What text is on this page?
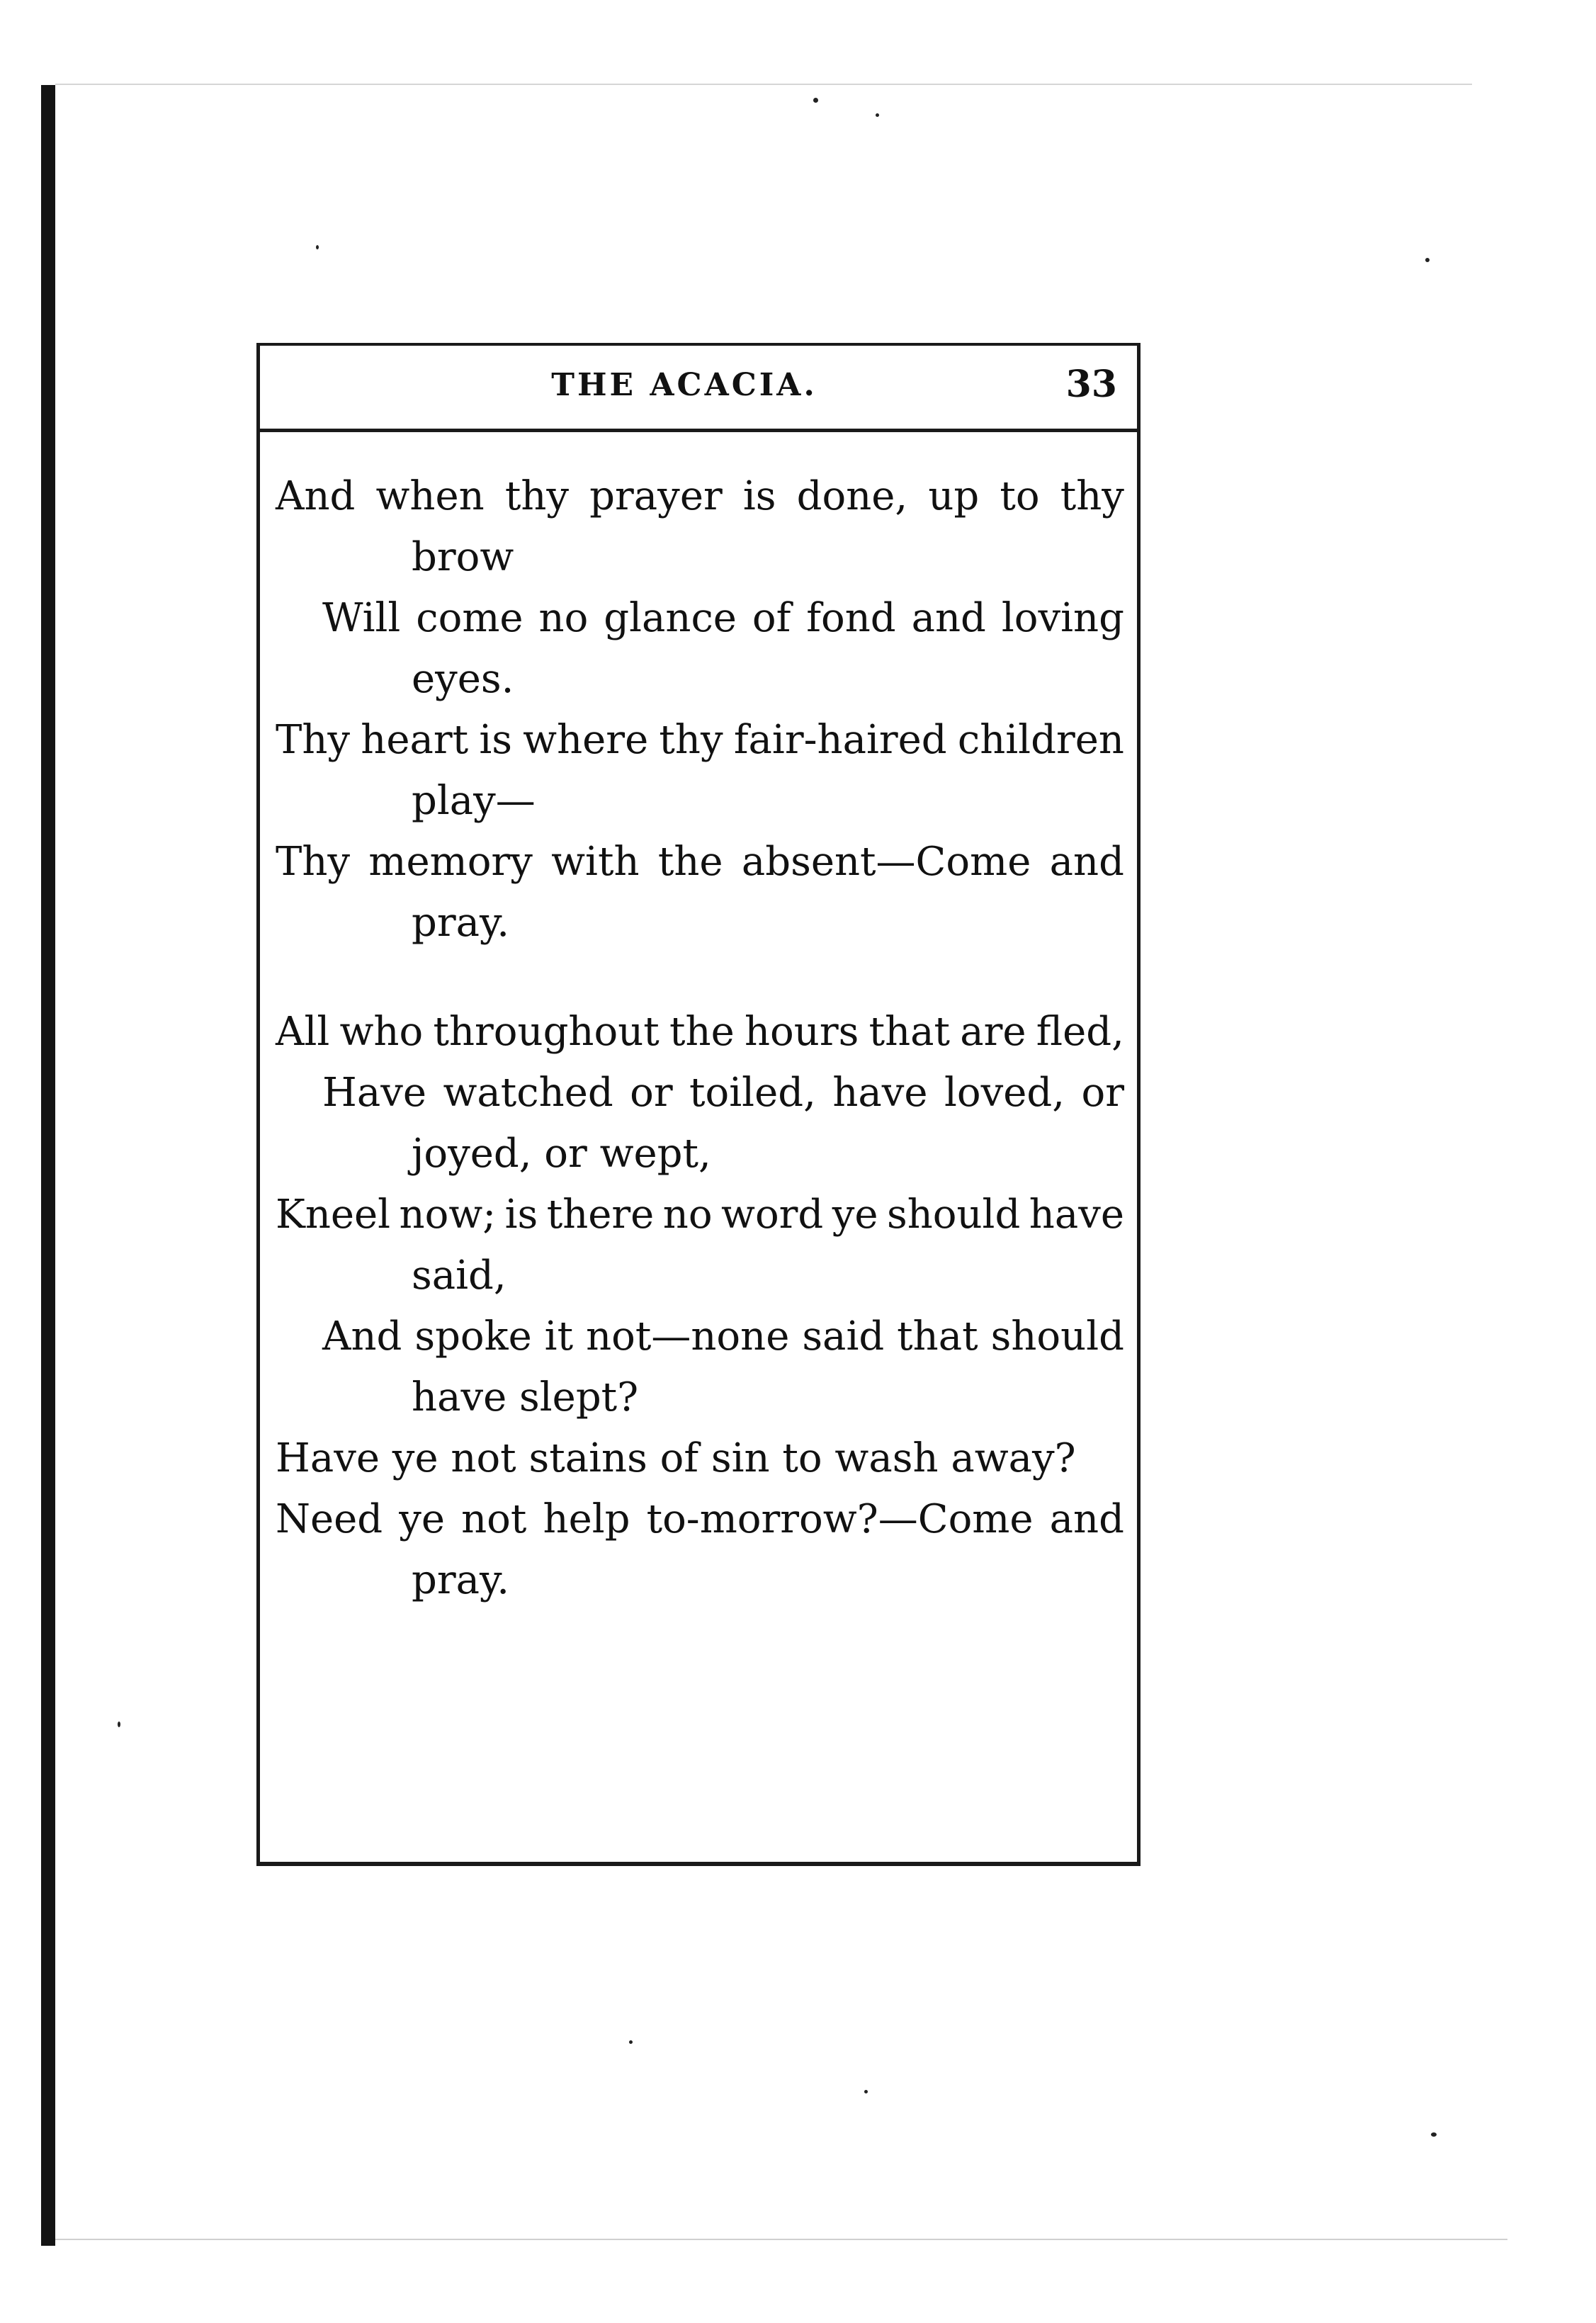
THE ACACIA.	33
And when thy prayer is done, up to thy
brow
Will come no glance of fond and loving
eyes.
Thy heart is where thy fair-haired children
play—
Thy memory with the absent—Come and
pray.
All who throughout the hours that are fled,
Have watched or toiled, have loved, or
joyed, or wept,
Kneel now; is there no word ye should have
said,
And spoke it not—none said that should
have slept?
Have ye not stains of sin to wash away?
Need ye not help to-morrow?—Come and
pray.
